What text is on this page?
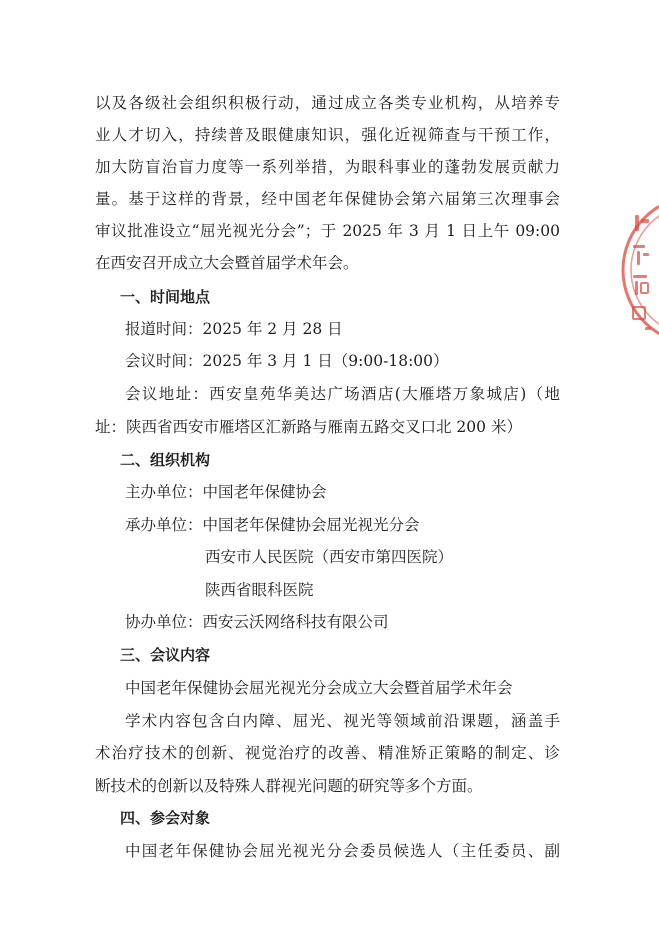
以及各级社会组织积极行动，通过成立各类专业机构，从培养专
业人才切入，持续普及眼健康知识，强化近视筛查与干预工作，
加大防盲治盲力度等一系列举措，为眼科事业的蓬勃发展贡献力
量。基于这样的背景，经中国老年保健协会第六届第三次理事会
审议批准设立“屈光视光分会”；于 2025 年 3 月 1 日上午 09:00
在西安召开成立大会暨首届学术年会。
一、时间地点
报道时间：2025 年 2 月 28 日
会议时间：2025 年 3 月 1 日（9:00-18:00）
会议地址：西安皇苑华美达广场酒店(大雁塔万象城店)（地
址：陕西省西安市雁塔区汇新路与雁南五路交叉口北 200 米）
二、组织机构
主办单位：中国老年保健协会
承办单位：中国老年保健协会屈光视光分会
西安市人民医院（西安市第四医院）
陕西省眼科医院
协办单位：西安云沃网络科技有限公司
三、会议内容
中国老年保健协会屈光视光分会成立大会暨首届学术年会
学术内容包含白内障、屈光、视光等领域前沿课题，涵盖手
术治疗技术的创新、视觉治疗的改善、精准矫正策略的制定、诊
断技术的创新以及特殊人群视光问题的研究等多个方面。
四、参会对象
中国老年保健协会屈光视光分会委员候选人（主任委员、副
